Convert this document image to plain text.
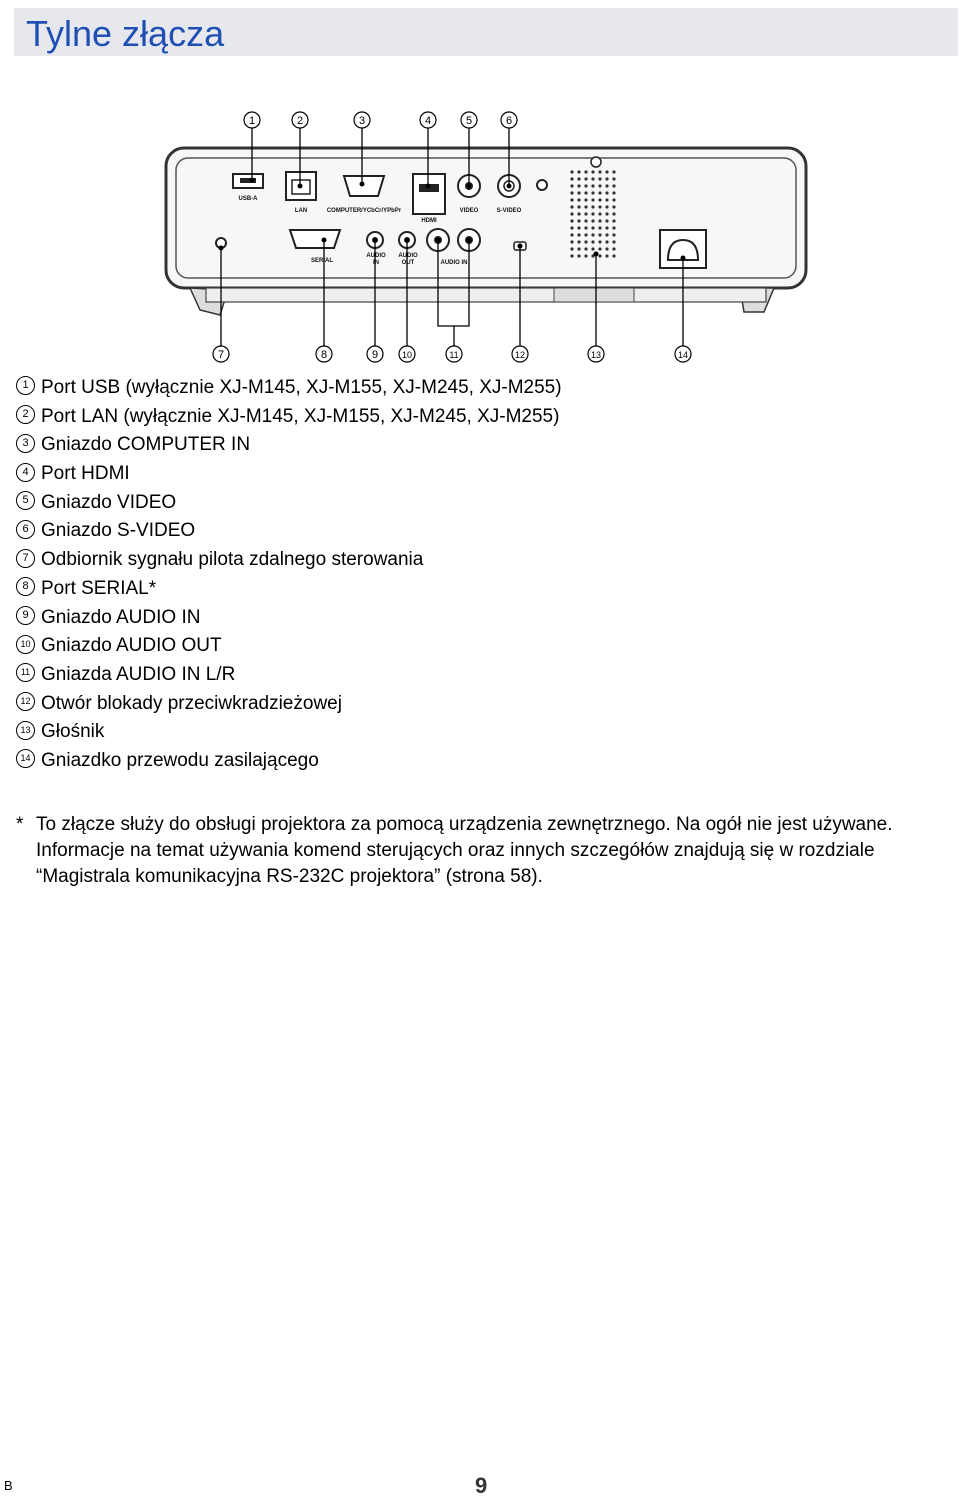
Tylne złącza
1	2	3	4	5	6
USB-A
LAN	COMPUTER/YCbCr/YPbPr
HDMI
VIDEO	S-VIDEO
SERIAL
AUDIO
IN
AUDIO
OUT	AUDIO IN
7	8	9	10	11	12	13	14
1 Port USB (wyłącznie XJ-M145, XJ-M155, XJ-M245, XJ-M255)
2 Port LAN (wyłącznie XJ-M145, XJ-M155, XJ-M245, XJ-M255)
3 Gniazdo COMPUTER IN
4 Port HDMI
5 Gniazdo VIDEO
6 Gniazdo S-VIDEO
7 Odbiornik sygnału pilota zdalnego sterowania
8 Port SERIAL*
9 Gniazdo AUDIO IN
10 Gniazdo AUDIO OUT
11 Gniazda AUDIO IN L/R
12 Otwór blokady przeciwkradzieżowej
13 Głośnik
14 Gniazdko przewodu zasilającego
* To złącze służy do obsługi projektora za pomocą urządzenia zewnętrznego. Na ogół nie jest używane. Informacje na temat używania komend sterujących oraz innych szczegółów znajdują się w rozdziale “Magistrala komunikacyjna RS-232C projektora” (strona 58).

B	9
